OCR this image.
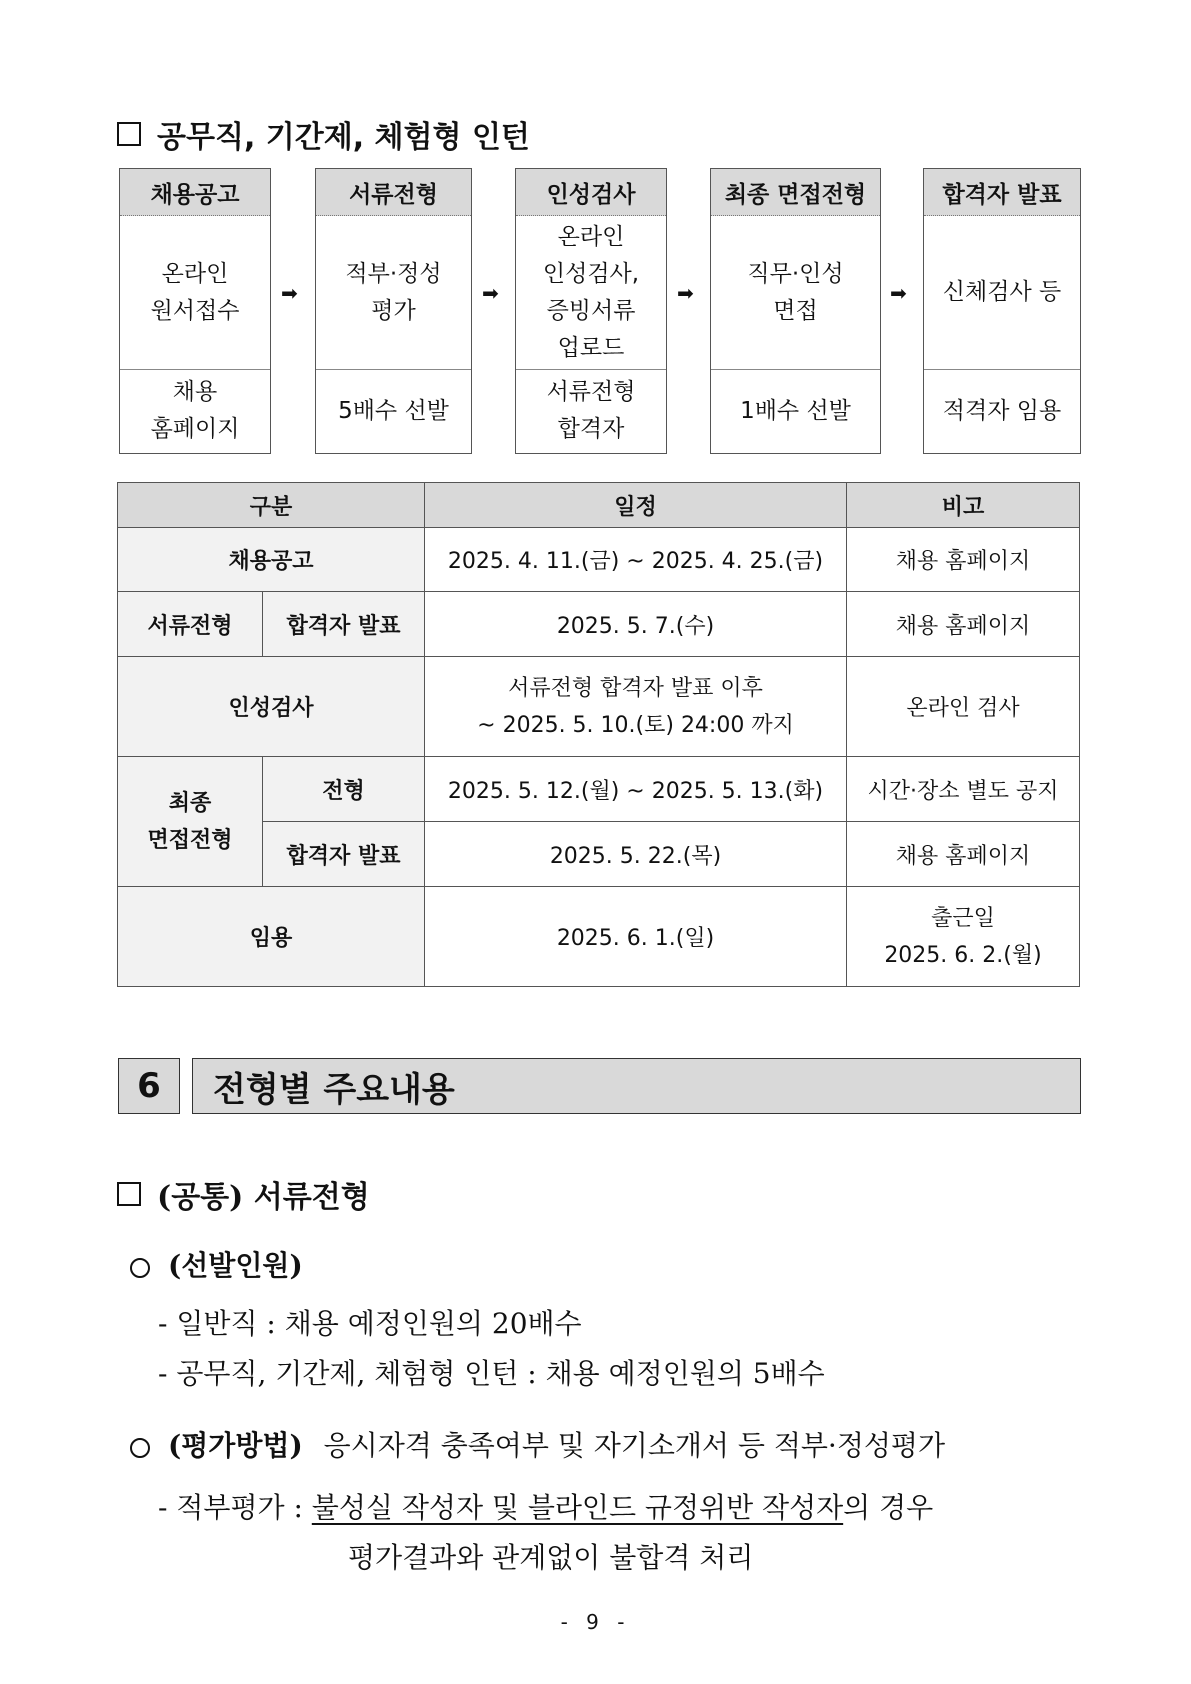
공무직, 기간제, 체험형 인턴
채용공고
온라인
원서접수
채용
홈페이지
➡
서류전형
적부·정성
평가
5배수 선발
➡
인성검사
온라인
인성검사,
증빙서류
업로드
서류전형
합격자
➡
최종 면접전형
직무·인성
면접
1배수 선발
➡
합격자 발표
신체검사 등
적격자 임용
구분		일정	비고
채용공고		2025. 4. 11.(금) ~ 2025. 4. 25.(금)	채용 홈페이지
서류전형	합격자 발표	2025. 5. 7.(수)	채용 홈페이지
인성검사		서류전형 합격자 발표 이후
~ 2025. 5. 10.(토) 24:00 까지	온라인 검사
최종
면접전형	전형	2025. 5. 12.(월) ~ 2025. 5. 13.(화)	시간·장소 별도 공지
	합격자 발표	2025. 5. 22.(목)	채용 홈페이지
임용		2025. 6. 1.(일)	출근일
2025. 6. 2.(월)
6	전형별 주요내용
(공통) 서류전형
(선발인원)
- 일반직 : 채용 예정인원의 20배수
- 공무직, 기간제, 체험형 인턴 : 채용 예정인원의 5배수
(평가방법) 응시자격 충족여부 및 자기소개서 등 적부·정성평가
- 적부평가 : 불성실 작성자 및 블라인드 규정위반 작성자의 경우
평가결과와 관계없이 불합격 처리
- 9 -
